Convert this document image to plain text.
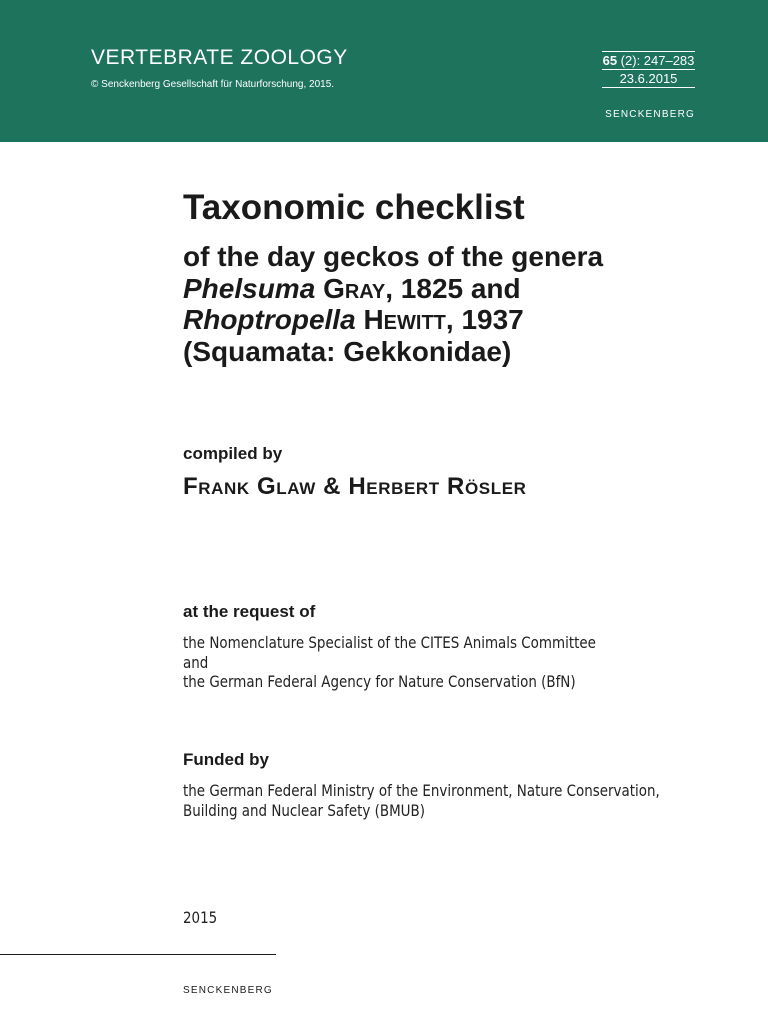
VERTEBRATE ZOOLOGY
© Senckenberg Gesellschaft für Naturforschung, 2015.
65 (2): 247–283
23.6.2015
SENCKENBERG
Taxonomic checklist
of the day geckos of the genera
Phelsuma Gray, 1825 and
Rhoptropella Hewitt, 1937
(Squamata: Gekkonidae)
compiled by
Frank Glaw & Herbert Rösler
at the request of
the Nomenclature Specialist of the CITES Animals Committee
and
the German Federal Agency for Nature Conservation (BfN)
Funded by
the German Federal Ministry of the Environment, Nature Conservation,
Building and Nuclear Safety (BMUB)
2015
SENCKENBERG
